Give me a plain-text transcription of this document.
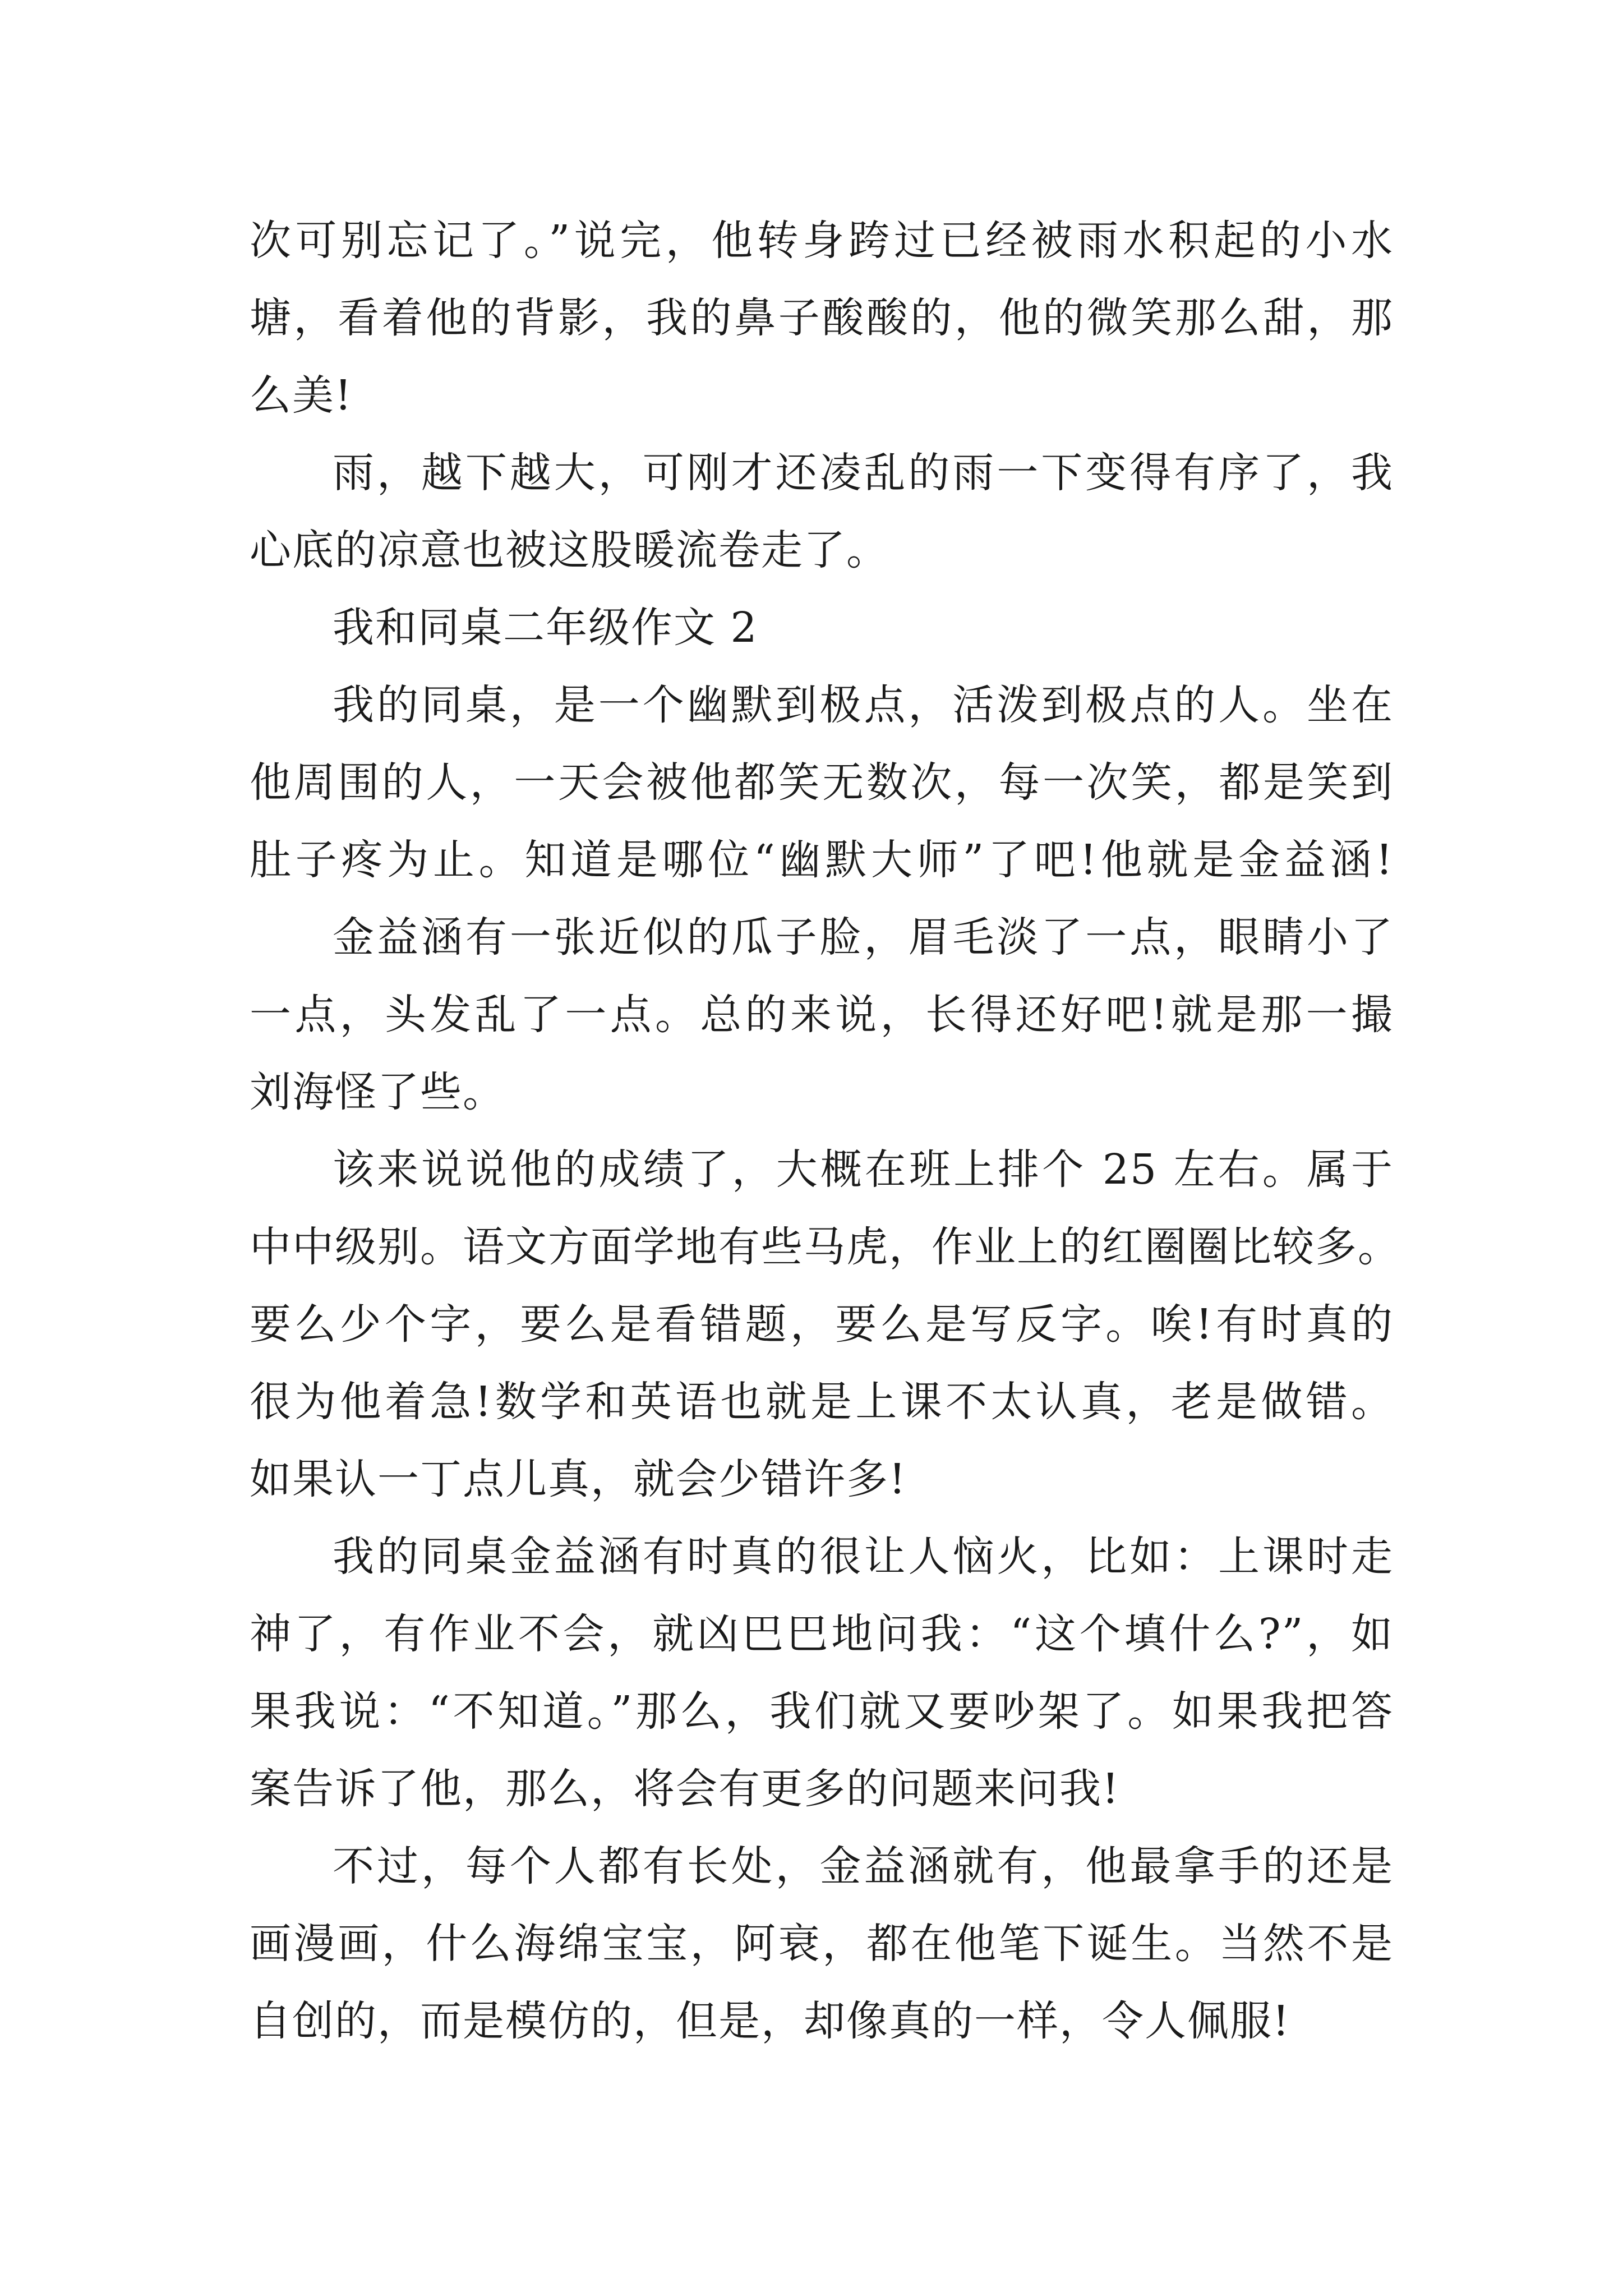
次可别忘记了。”说完，他转身跨过已经被雨水积起的小水
塘，看着他的背影，我的鼻子酸酸的，他的微笑那么甜，那
么美!
雨，越下越大，可刚才还凌乱的雨一下变得有序了，我
心底的凉意也被这股暖流卷走了。
我和同桌二年级作文 2
我的同桌，是一个幽默到极点，活泼到极点的人。坐在
他周围的人，一天会被他都笑无数次，每一次笑，都是笑到
肚子疼为止。知道是哪位“幽默大师”了吧!他就是金益涵!
金益涵有一张近似的瓜子脸，眉毛淡了一点，眼睛小了
一点，头发乱了一点。总的来说，长得还好吧!就是那一撮
刘海怪了些。
该来说说他的成绩了，大概在班上排个 25 左右。属于
中中级别。语文方面学地有些马虎，作业上的红圈圈比较多。
要么少个字，要么是看错题，要么是写反字。唉!有时真的
很为他着急!数学和英语也就是上课不太认真，老是做错。
如果认一丁点儿真，就会少错许多!
我的同桌金益涵有时真的很让人恼火，比如：上课时走
神了，有作业不会，就凶巴巴地问我：“这个填什么?”，如
果我说：“不知道。”那么，我们就又要吵架了。如果我把答
案告诉了他，那么，将会有更多的问题来问我!
不过，每个人都有长处，金益涵就有，他最拿手的还是
画漫画，什么海绵宝宝，阿衰，都在他笔下诞生。当然不是
自创的，而是模仿的，但是，却像真的一样，令人佩服!
